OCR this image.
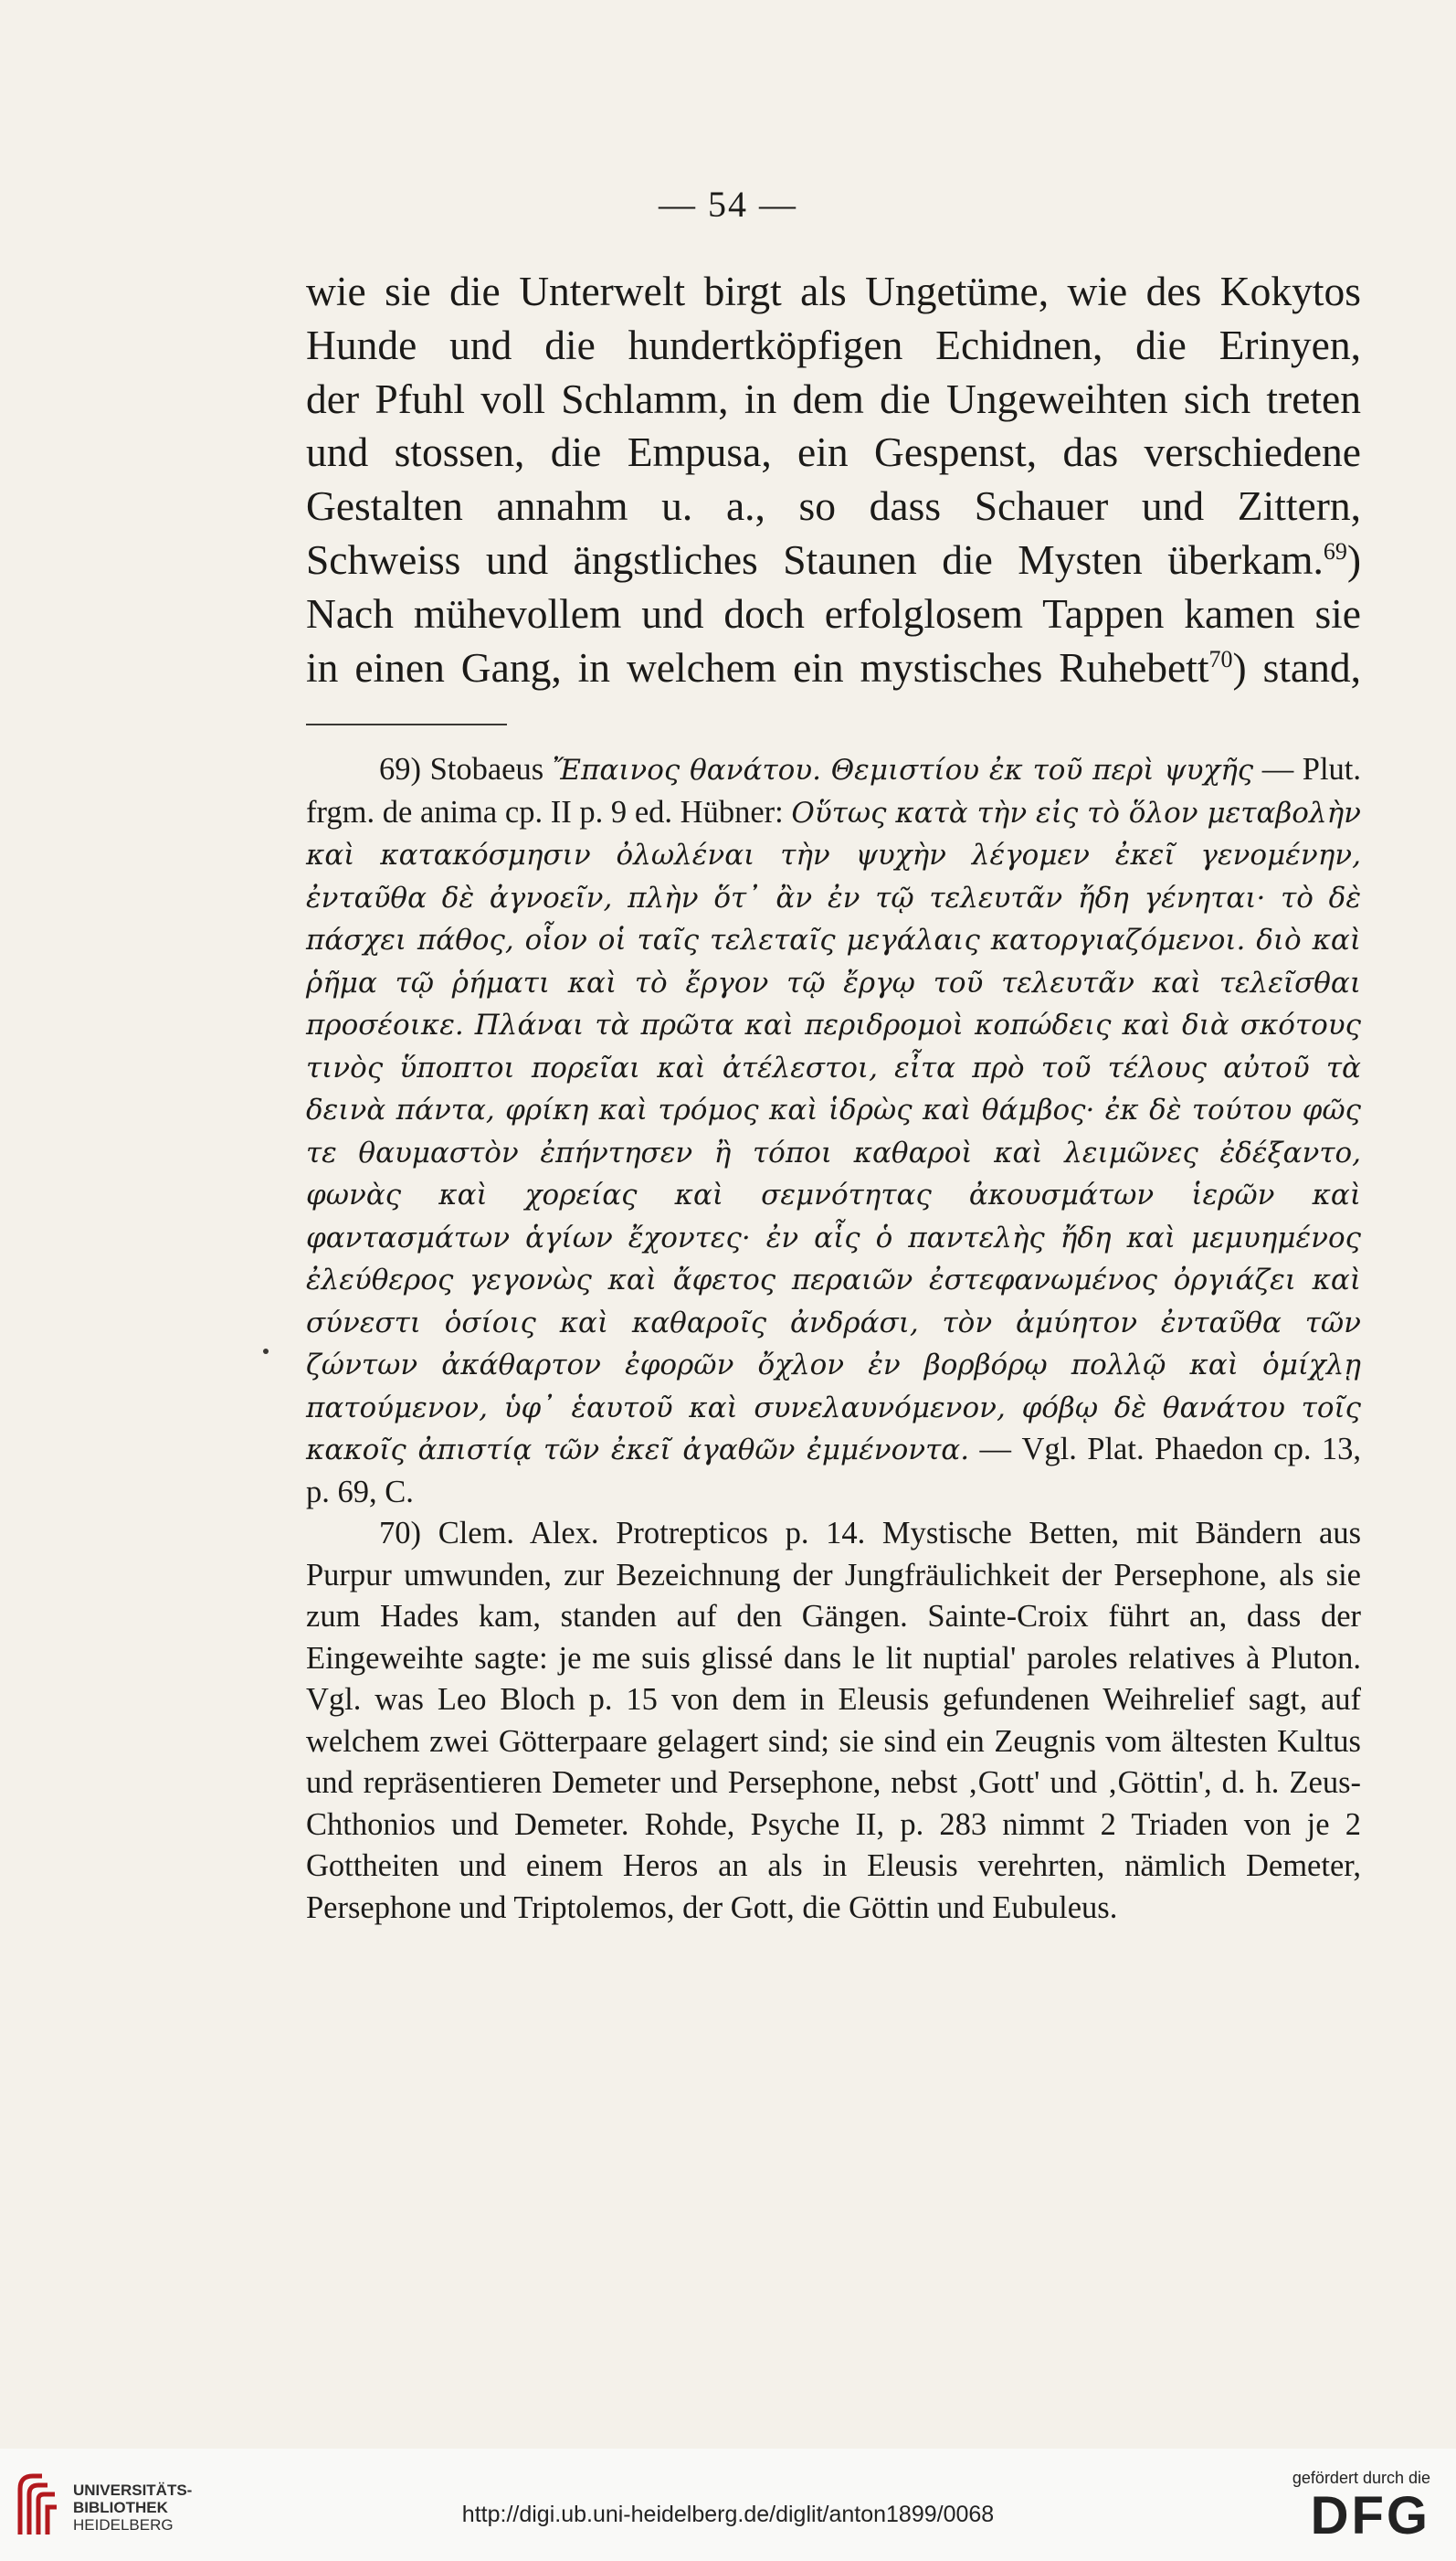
— 54 —
wie sie die Unterwelt birgt als Ungetüme, wie des Kokytos
Hunde und die hundertköpfigen Echidnen, die Erinyen,
der Pfuhl voll Schlamm, in dem die Ungeweihten sich treten
und stossen, die Empusa, ein Gespenst, das verschiedene
Gestalten annahm u. a., so dass Schauer und Zittern,
Schweiss und ängstliches Staunen die Mysten überkam.$^{69}$)
Nach mühevollem und doch erfolglosem Tappen kamen sie
in einen Gang, in welchem ein mystisches Ruhebett$^{70}$) stand,

69) Stobaeus Ἔπαινος θανάτου. Θεμιστίου ἐκ τοῦ περὶ ψυχῆς — Plut. frgm. de anima cp. II p. 9 ed. Hübner: Οὕτως κατὰ τὴν εἰς τὸ ὅλον μεταβολὴν καὶ κατακόσμησιν ὀλωλέναι τὴν ψυχὴν λέγομεν ἐκεῖ γενομένην, ἐνταῦθα δὲ ἀγνοεῖν, πλὴν ὅτ᾽ ἂν ἐν τῷ τελευτᾶν ἤδη γένηται· τὸ δὲ πάσχει πάθος, οἷον οἱ ταῖς τελεταῖς μεγάλαις κατοργιαζόμενοι. διὸ καὶ ῥῆμα τῷ ῥήματι καὶ τὸ ἔργον τῷ ἔργῳ τοῦ τελευτᾶν καὶ τελεῖσθαι προσέοικε. Πλάναι τὰ πρῶτα καὶ περιδρομοὶ κοπώδεις καὶ διὰ σκότους τινὸς ὕποπτοι πορεῖαι καὶ ἀτέλεστοι, εἶτα πρὸ τοῦ τέλους αὐτοῦ τὰ δεινὰ πάντα, φρίκη καὶ τρόμος καὶ ἱδρὼς καὶ θάμβος· ἐκ δὲ τούτου φῶς τε θαυμαστὸν ἐπήντησεν ἢ τόποι καθαροὶ καὶ λειμῶνες ἐδέξαντο, φωνὰς καὶ χορείας καὶ σεμνότητας ἀκουσμάτων ἱερῶν καὶ φαντασμάτων ἁγίων ἔχοντες· ἐν αἷς ὁ παντελὴς ἤδη καὶ μεμυημένος ἐλεύθερος γεγονὼς καὶ ἄφετος περαιῶν ἐστεφανωμένος ὀργιάζει καὶ σύνεστι ὁσίοις καὶ καθαροῖς ἀνδράσι, τὸν ἀμύητον ἐνταῦθα τῶν ζώντων ἀκάθαρτον ἐφορῶν ὄχλον ἐν βορβόρῳ πολλῷ καὶ ὁμίχλῃ πατούμενον, ὑφ᾽ ἑαυτοῦ καὶ συνελαυνόμενον, φόβῳ δὲ θανάτου τοῖς κακοῖς ἀπιστίᾳ τῶν ἐκεῖ ἀγαθῶν ἐμμένοντα. — Vgl. Plat. Phaedon cp. 13, p. 69, C.

70) Clem. Alex. Protrepticos p. 14. Mystische Betten, mit Bändern aus Purpur umwunden, zur Bezeichnung der Jungfräulichkeit der Persephone, als sie zum Hades kam, standen auf den Gängen. Sainte-Croix führt an, dass der Eingeweihte sagte: je me suis glissé dans le lit nuptial' paroles relatives à Pluton. Vgl. was Leo Bloch p. 15 von dem in Eleusis gefundenen Weihrelief sagt, auf welchem zwei Götterpaare gelagert sind; sie sind ein Zeugnis vom ältesten Kultus und repräsentieren Demeter und Persephone, nebst ‚Gott' und ‚Göttin', d. h. Zeus-Chthonios und Demeter. Rohde, Psyche II, p. 283 nimmt 2 Triaden von je 2 Gottheiten und einem Heros an als in Eleusis verehrten, nämlich Demeter, Persephone und Triptolemos, der Gott, die Göttin und Eubuleus.

UNIVERSITÄTS-
BIBLIOTHEK
HEIDELBERG	http://digi.ub.uni-heidelberg.de/diglit/anton1899/0068
gefördert durch die
DFG
